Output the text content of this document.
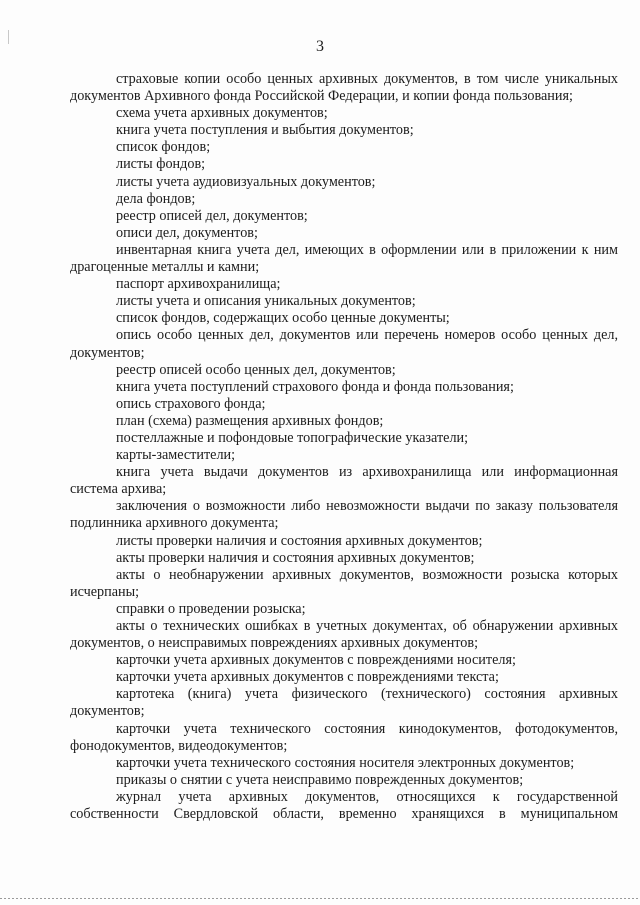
3

страховые копии особо ценных архивных документов, в том числе уникальных документов Архивного фонда Российской Федерации, и копии фонда пользования;

схема учета архивных документов;

книга учета поступления и выбытия документов;

список фондов;

листы фондов;

листы учета аудиовизуальных документов;

дела фондов;

реестр описей дел, документов;

описи дел, документов;

инвентарная книга учета дел, имеющих в оформлении или в приложении к ним драгоценные металлы и камни;

паспорт архивохранилища;

листы учета и описания уникальных документов;

список фондов, содержащих особо ценные документы;

опись особо ценных дел, документов или перечень номеров особо ценных дел, документов;

реестр описей особо ценных дел, документов;

книга учета поступлений страхового фонда и фонда пользования;

опись страхового фонда;

план (схема) размещения архивных фондов;

постеллажные и пофондовые топографические указатели;

карты-заместители;

книга учета выдачи документов из архивохранилища или информационная система архива;

заключения о возможности либо невозможности выдачи по заказу пользователя подлинника архивного документа;

листы проверки наличия и состояния архивных документов;

акты проверки наличия и состояния архивных документов;

акты о необнаружении архивных документов, возможности розыска которых исчерпаны;

справки о проведении розыска;

акты о технических ошибках в учетных документах, об обнаружении архивных документов, о неисправимых повреждениях архивных документов;

карточки учета архивных документов с повреждениями носителя;

карточки учета архивных документов с повреждениями текста;

картотека (книга) учета физического (технического) состояния архивных документов;

карточки учета технического состояния кинодокументов, фотодокументов, фонодокументов, видеодокументов;

карточки учета технического состояния носителя электронных документов;

приказы о снятии с учета неисправимо поврежденных документов;

журнал учета архивных документов, относящихся к государственной собственности Свердловской области, временно хранящихся в муниципальном
